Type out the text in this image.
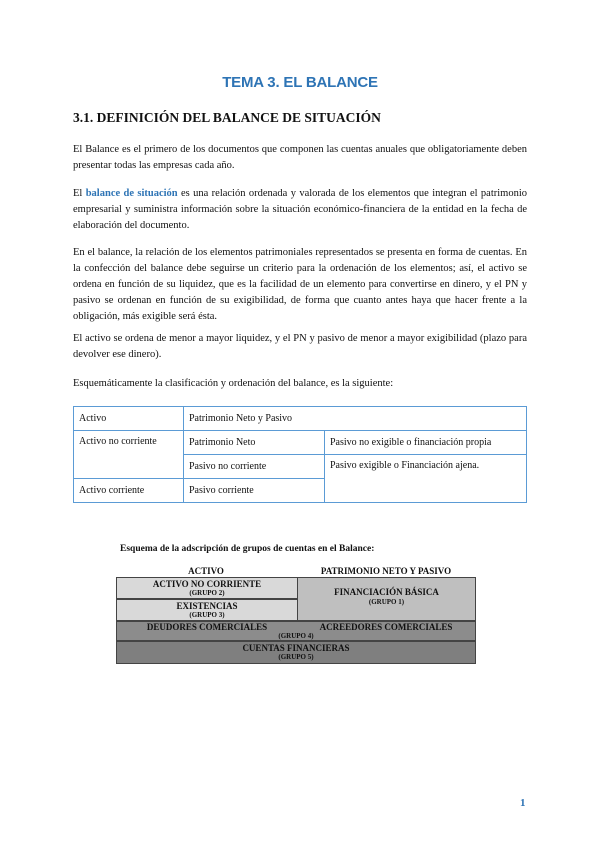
TEMA 3. EL BALANCE
3.1. DEFINICIÓN DEL BALANCE DE SITUACIÓN

El Balance es el primero de los documentos que componen las cuentas anuales que obligatoriamente deben presentar todas las empresas cada año.

El balance de situación es una relación ordenada y valorada de los elementos que integran el patrimonio empresarial y suministra información sobre la situación económico-financiera de la entidad en la fecha de elaboración del documento.

En el balance, la relación de los elementos patrimoniales representados se presenta en forma de cuentas. En la confección del balance debe seguirse un criterio para la ordenación de los elementos; así, el activo se ordena en función de su liquidez, que es la facilidad de un elemento para convertirse en dinero, y el PN y pasivo se ordenan en función de su exigibilidad, de forma que cuanto antes haya que hacer frente a la obligación, más exigible será ésta.

El activo se ordena de menor a mayor liquidez, y el PN y pasivo de menor a mayor exigibilidad (plazo para devolver ese dinero).

Esquemáticamente la clasificación y ordenación del balance, es la siguiente:

Activo	Patrimonio Neto y Pasivo	
Activo no corriente	Patrimonio Neto	Pasivo no exigible o financiación propia
	Pasivo no corriente	Pasivo exigible o Financiación ajena.
Activo corriente	Pasivo corriente	
Esquema de la adscripción de grupos de cuentas en el Balance:
ACTIVO	PATRIMONIO NETO Y PASIVO
ACTIVO NO CORRIENTE
(GRUPO 2)
EXISTENCIAS
(GRUPO 3)
FINANCIACIÓN BÁSICA
(GRUPO 1)
DEUDORES COMERCIALES	ACREEDORES COMERCIALES
(GRUPO 4)
CUENTAS FINANCIERAS
(GRUPO 5)
1
